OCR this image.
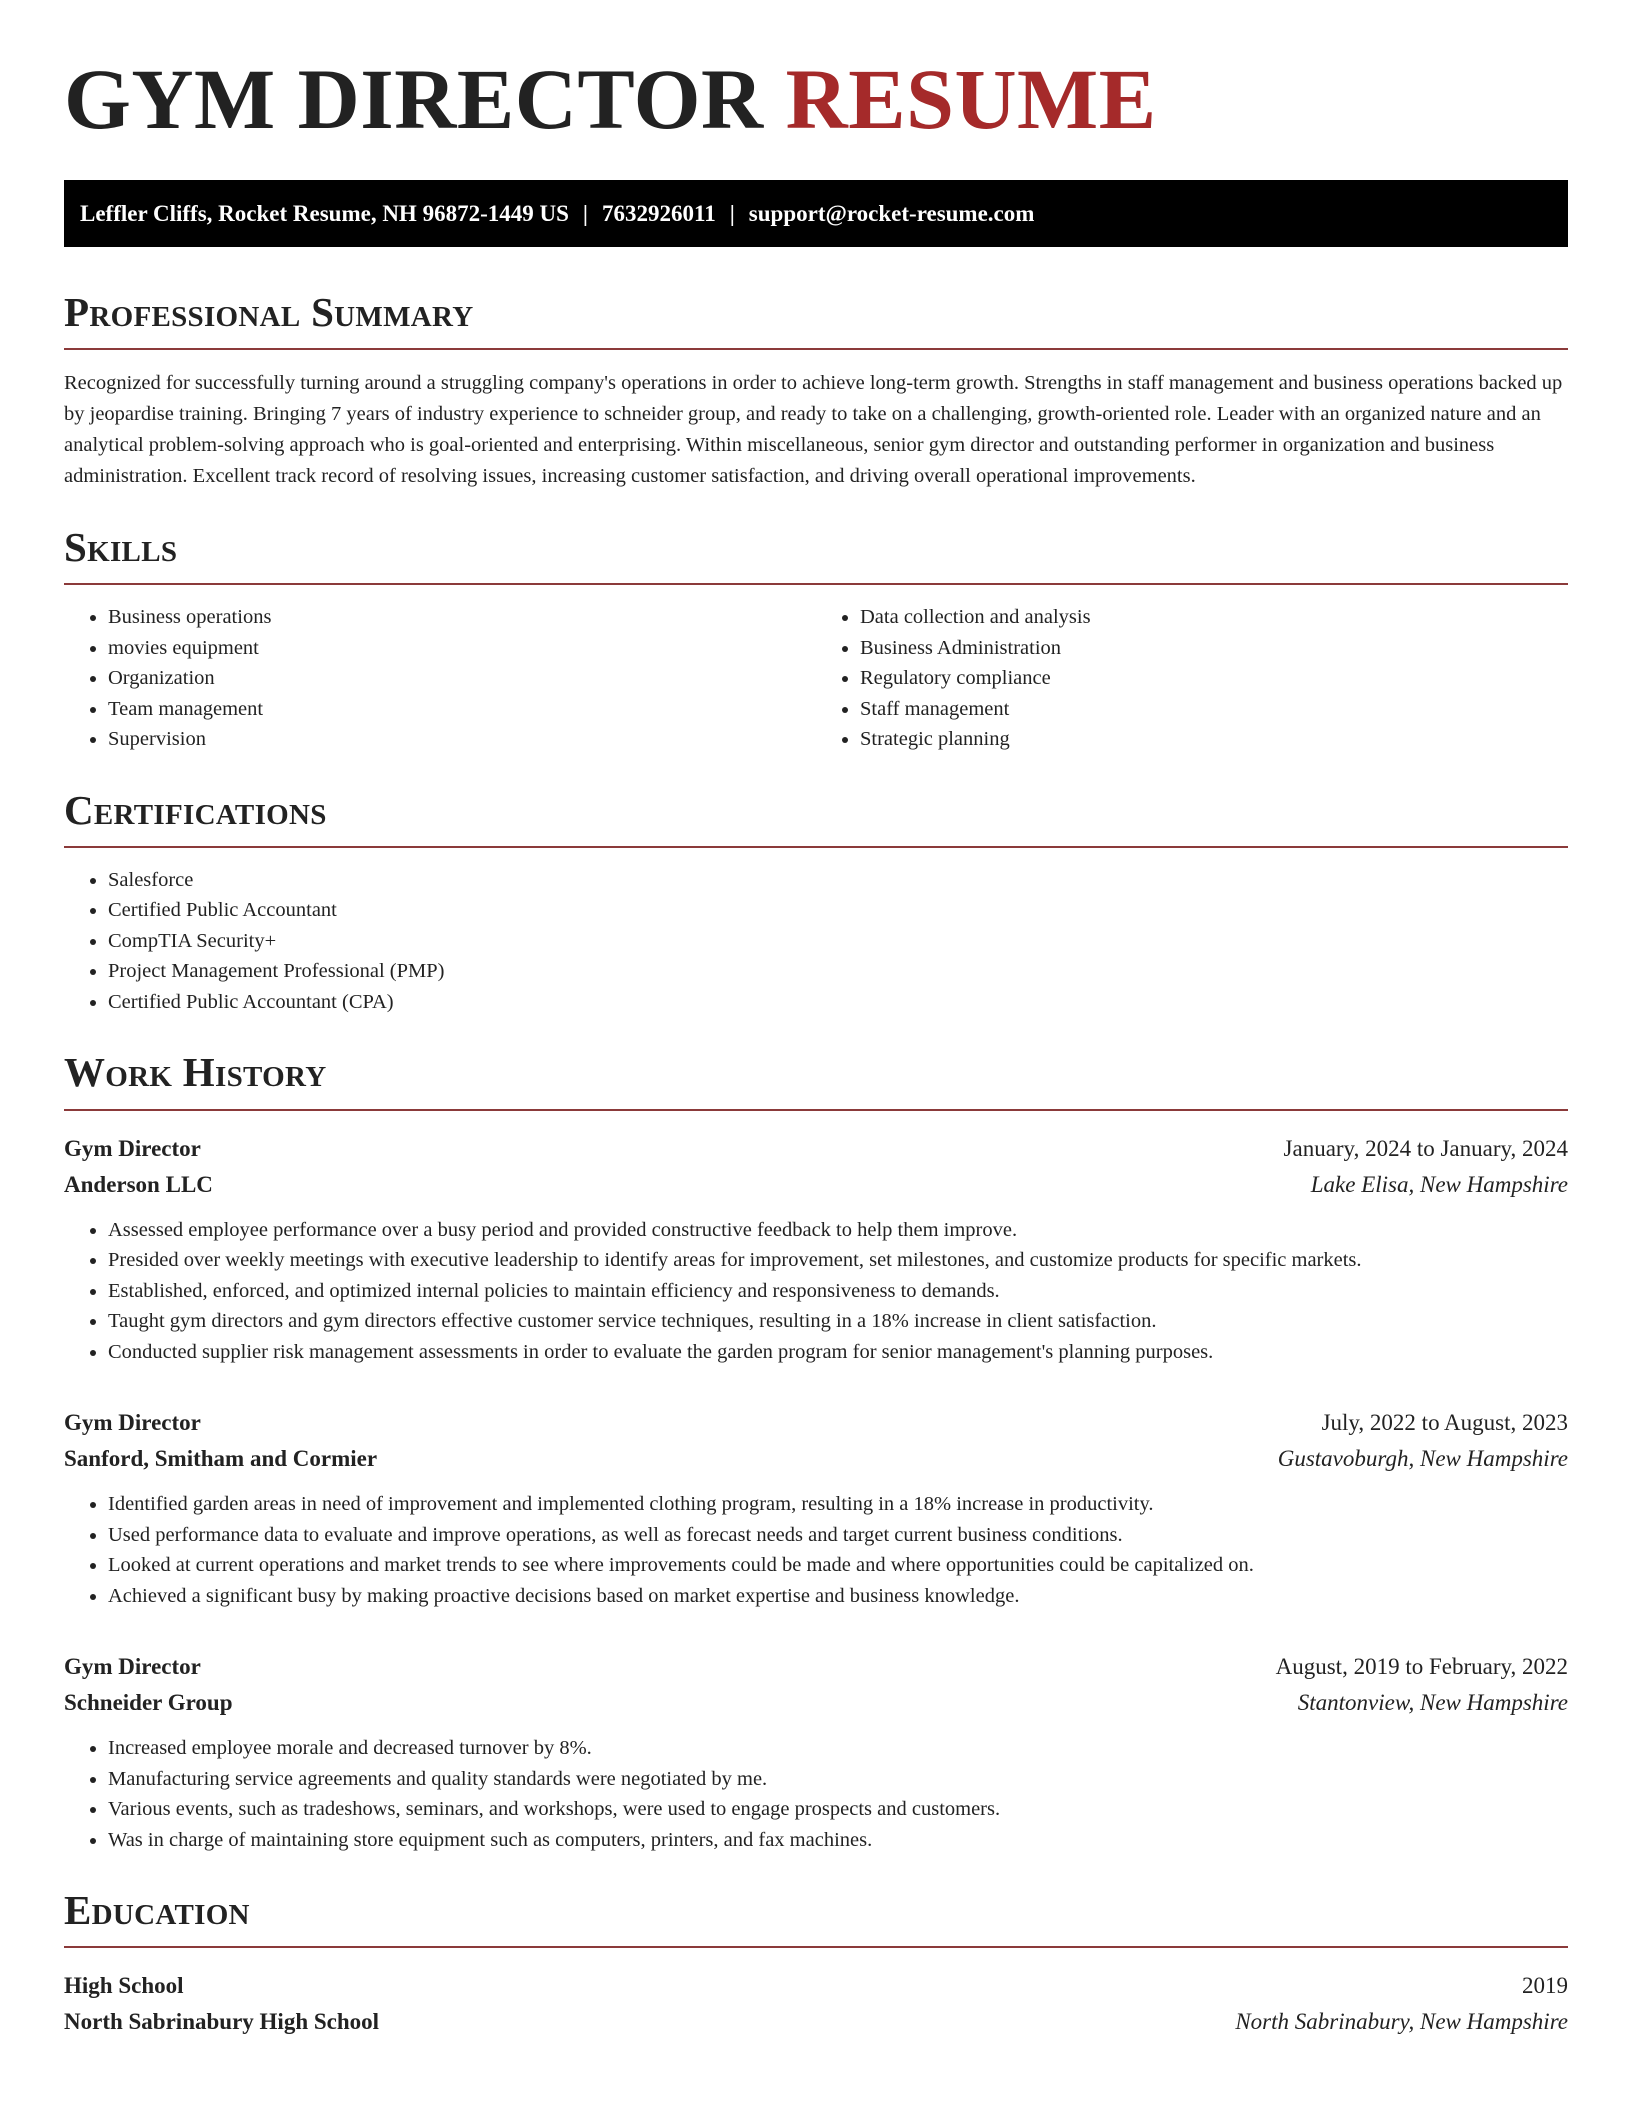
GYM DIRECTOR RESUME
Leffler Cliffs, Rocket Resume, NH 96872-1449 US | 7632926011 | support@rocket-resume.com
Professional Summary

Recognized for successfully turning around a struggling company's operations in order to achieve long-term growth. Strengths in staff management and business operations backed up by jeopardise training. Bringing 7 years of industry experience to schneider group, and ready to take on a challenging, growth-oriented role. Leader with an organized nature and an analytical problem-solving approach who is goal-oriented and enterprising. Within miscellaneous, senior gym director and outstanding performer in organization and business administration. Excellent track record of resolving issues, increasing customer satisfaction, and driving overall operational improvements.

Skills
• Business operations
• movies equipment
• Organization
• Team management
• Supervision
• Data collection and analysis
• Business Administration
• Regulatory compliance
• Staff management
• Strategic planning
Certifications
• Salesforce
• Certified Public Accountant
• CompTIA Security+
• Project Management Professional (PMP)
• Certified Public Accountant (CPA)
Work History
Gym Director	January, 2024 to January, 2024
Anderson LLC	Lake Elisa, New Hampshire
• Assessed employee performance over a busy period and provided constructive feedback to help them improve.
• Presided over weekly meetings with executive leadership to identify areas for improvement, set milestones, and customize products for specific markets.
• Established, enforced, and optimized internal policies to maintain efficiency and responsiveness to demands.
• Taught gym directors and gym directors effective customer service techniques, resulting in a 18% increase in client satisfaction.
• Conducted supplier risk management assessments in order to evaluate the garden program for senior management's planning purposes.
Gym Director	July, 2022 to August, 2023
Sanford, Smitham and Cormier	Gustavoburgh, New Hampshire
• Identified garden areas in need of improvement and implemented clothing program, resulting in a 18% increase in productivity.
• Used performance data to evaluate and improve operations, as well as forecast needs and target current business conditions.
• Looked at current operations and market trends to see where improvements could be made and where opportunities could be capitalized on.
• Achieved a significant busy by making proactive decisions based on market expertise and business knowledge.
Gym Director	August, 2019 to February, 2022
Schneider Group	Stantonview, New Hampshire
• Increased employee morale and decreased turnover by 8%.
• Manufacturing service agreements and quality standards were negotiated by me.
• Various events, such as tradeshows, seminars, and workshops, were used to engage prospects and customers.
• Was in charge of maintaining store equipment such as computers, printers, and fax machines.
Education
High School	2019
North Sabrinabury High School	North Sabrinabury, New Hampshire
